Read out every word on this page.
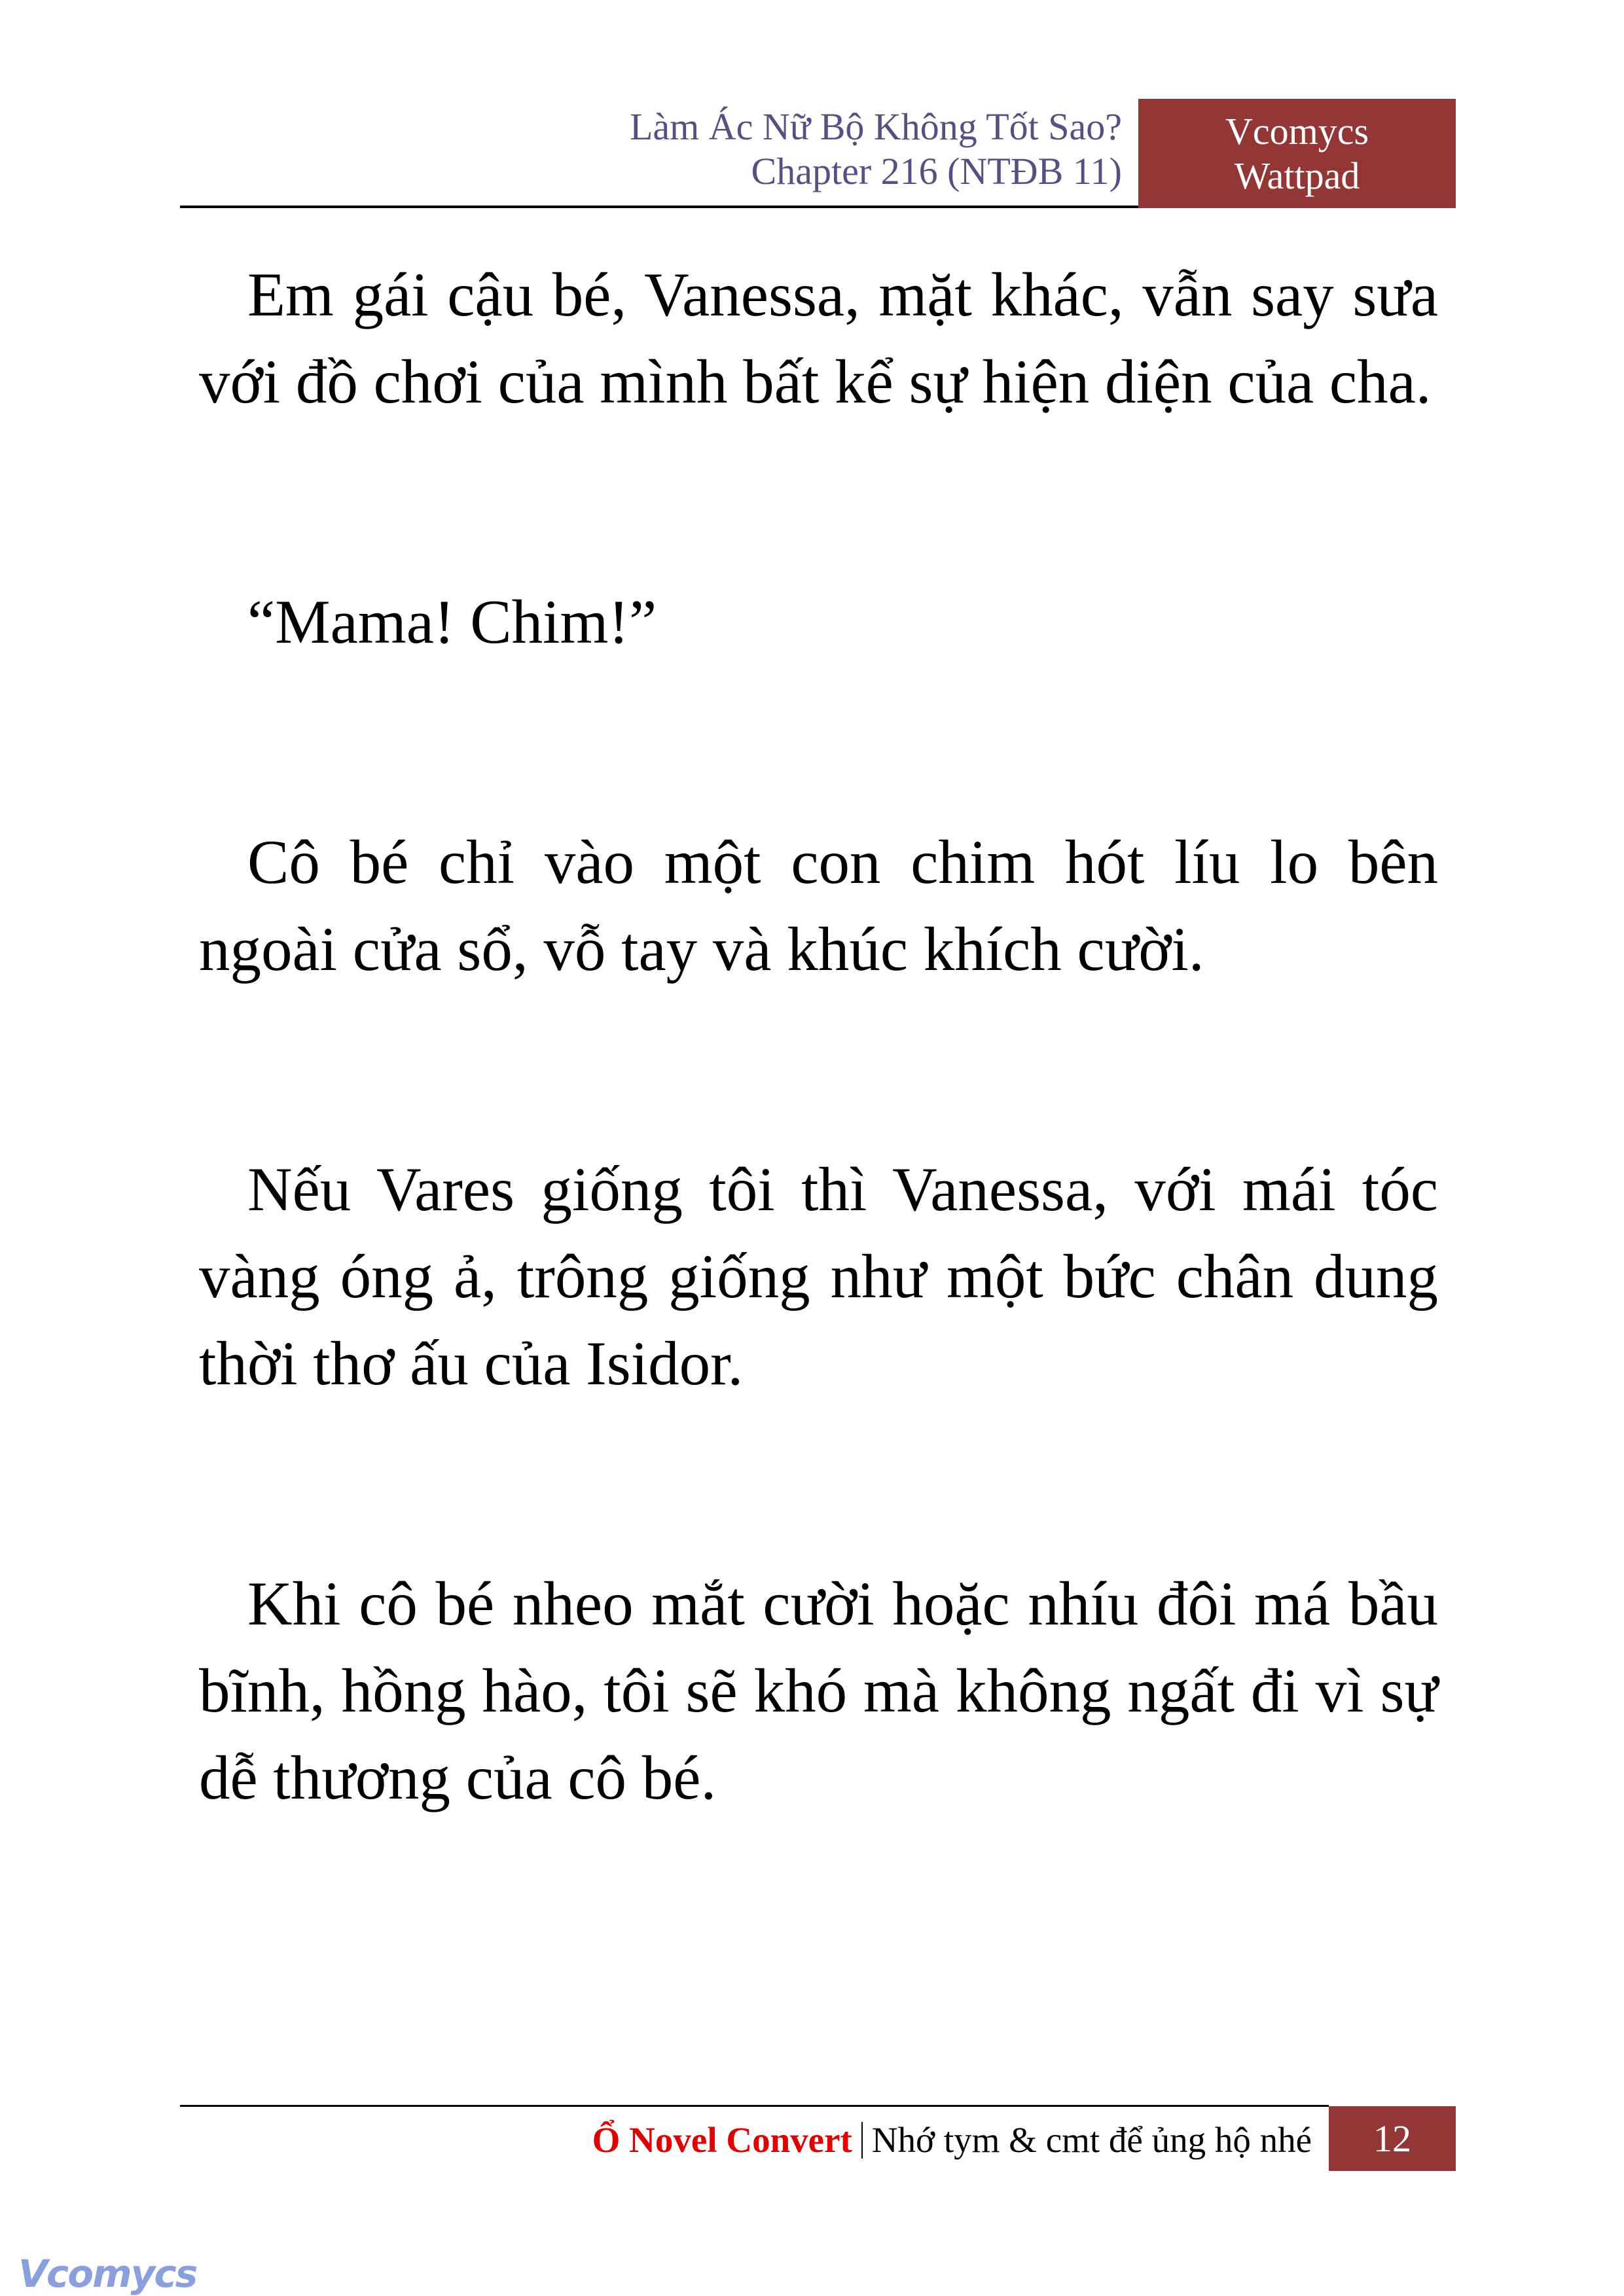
Làm Ác Nữ Bộ Không Tốt Sao?
Chapter 216 (NTĐB 11)
Vcomycs
Wattpad

Em gái cậu bé, Vanessa, mặt khác, vẫn say sưa với đồ chơi của mình bất kể sự hiện diện của cha.

“Mama! Chim!”

Cô bé chỉ vào một con chim hót líu lo bên ngoài cửa sổ, vỗ tay và khúc khích cười.

Nếu Vares giống tôi thì Vanessa, với mái tóc vàng óng ả, trông giống như một bức chân dung thời thơ ấu của Isidor.

Khi cô bé nheo mắt cười hoặc nhíu đôi má bầu bĩnh, hồng hào, tôi sẽ khó mà không ngất đi vì sự dễ thương của cô bé.

Ổ Novel Convert Nhớ tym & cmt để ủng hộ nhé	12
Vcomycs
